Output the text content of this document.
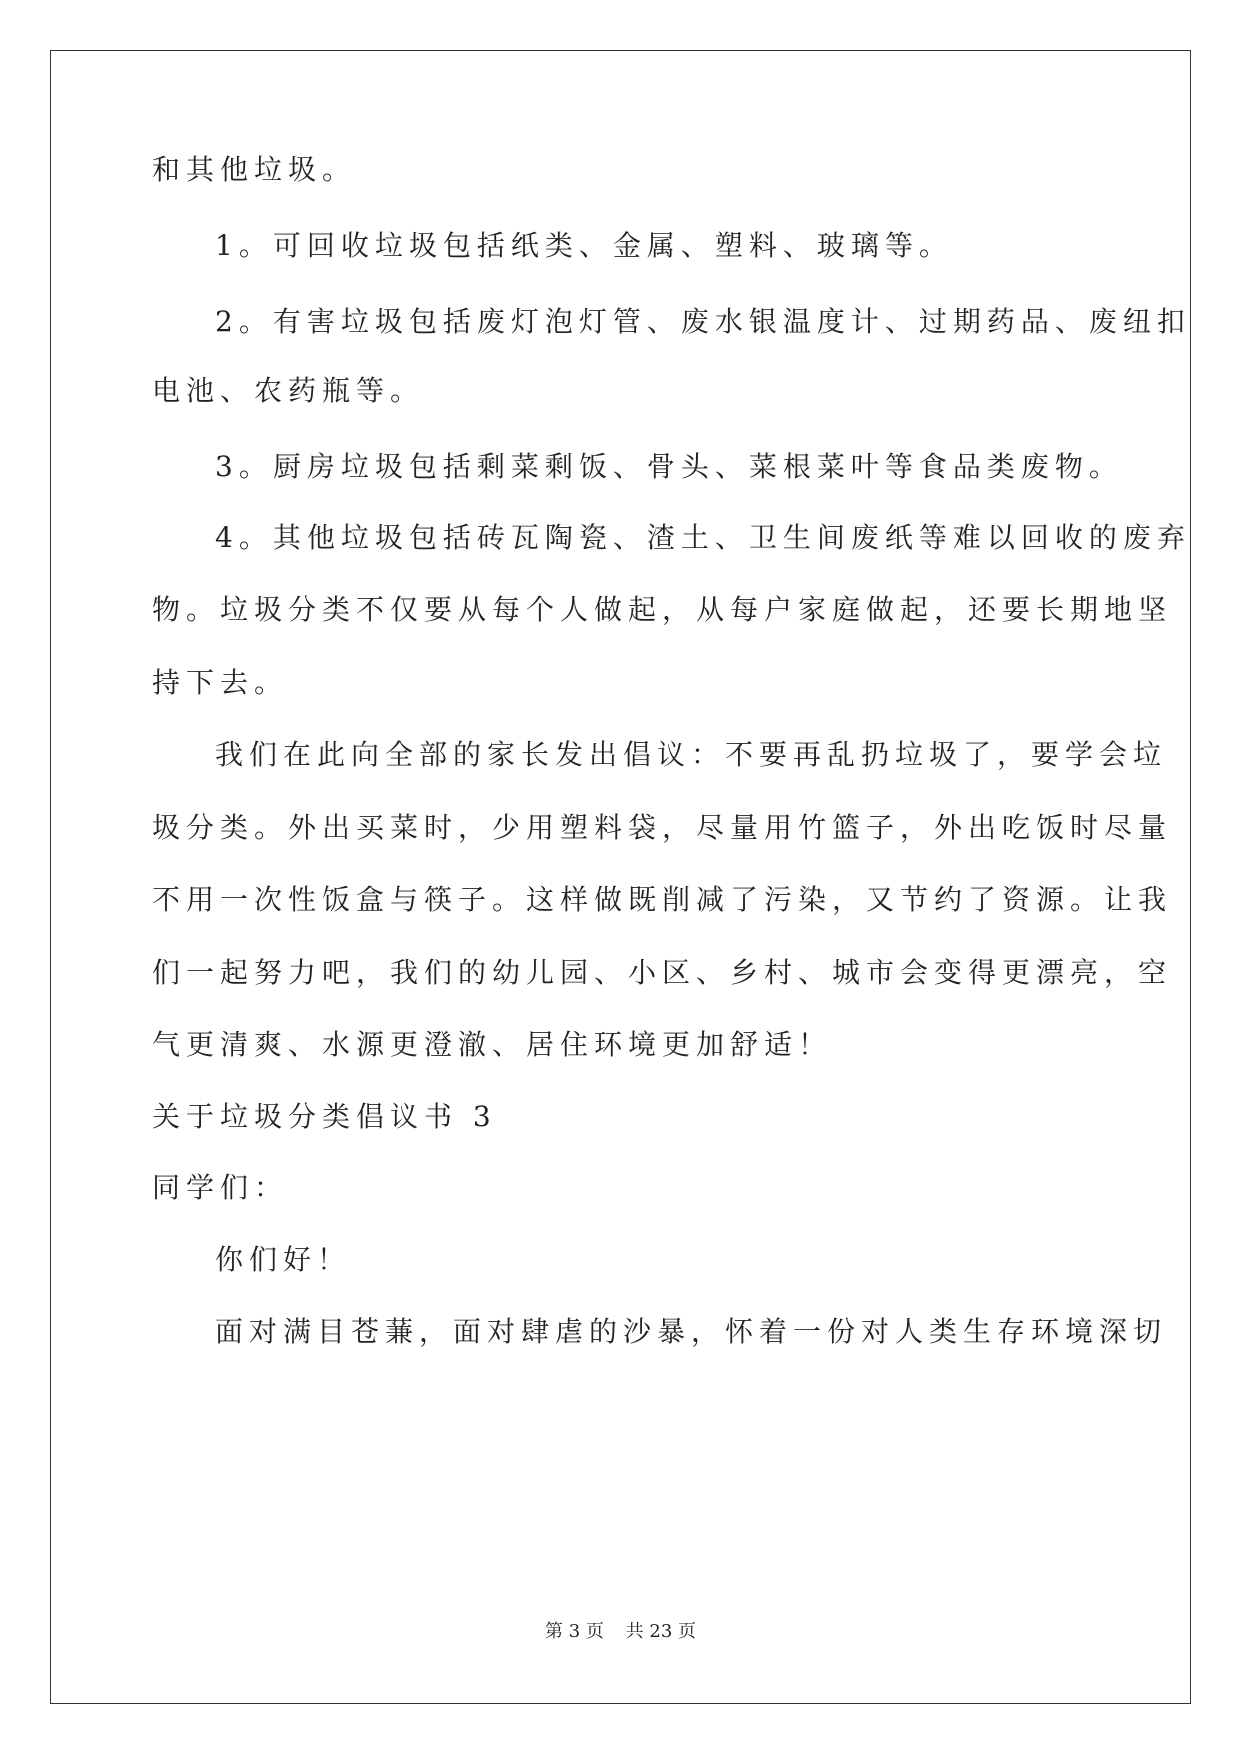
和其他垃圾。
1。可回收垃圾包括纸类、金属、塑料、玻璃等。
2。有害垃圾包括废灯泡灯管、废水银温度计、过期药品、废纽扣
电池、农药瓶等。
3。厨房垃圾包括剩菜剩饭、骨头、菜根菜叶等食品类废物。
4。其他垃圾包括砖瓦陶瓷、渣土、卫生间废纸等难以回收的废弃
物。垃圾分类不仅要从每个人做起，从每户家庭做起，还要长期地坚
持下去。
我们在此向全部的家长发出倡议：不要再乱扔垃圾了，要学会垃
圾分类。外出买菜时，少用塑料袋，尽量用竹篮子，外出吃饭时尽量
不用一次性饭盒与筷子。这样做既削减了污染，又节约了资源。让我
们一起努力吧，我们的幼儿园、小区、乡村、城市会变得更漂亮，空
气更清爽、水源更澄澈、居住环境更加舒适！
关于垃圾分类倡议书 3
同学们：
你们好！
面对满目苍蒹，面对肆虐的沙暴，怀着一份对人类生存环境深切
第 3 页 共 23 页
